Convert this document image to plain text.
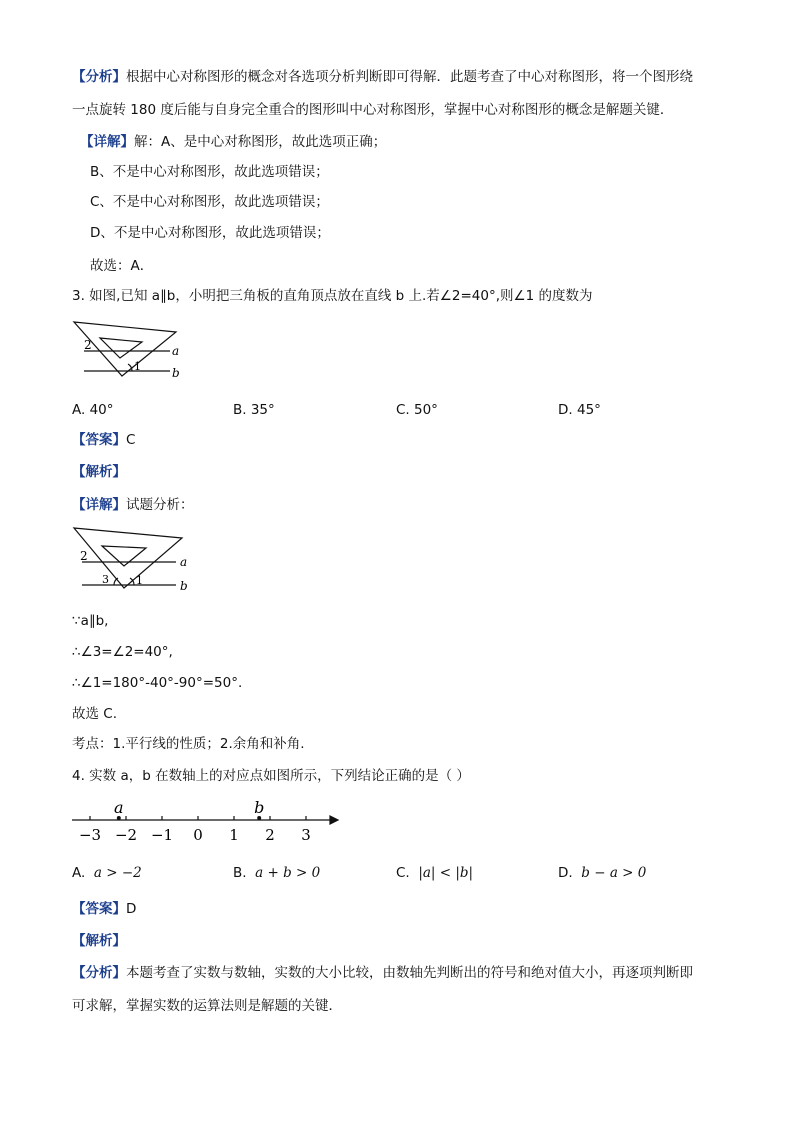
【分析】根据中心对称图形的概念对各选项分析判断即可得解．此题考查了中心对称图形，将一个图形绕
一点旋转 180 度后能与自身完全重合的图形叫中心对称图形，掌握中心对称图形的概念是解题关键．
【详解】解：A、是中心对称图形，故此选项正确；
B、不是中心对称图形，故此选项错误；
C、不是中心对称图形，故此选项错误；
D、不是中心对称图形，故此选项错误；
故选：A．
3. 如图,已知 a∥b，小明把三角板的直角顶点放在直线 b 上.若∠2=40°,则∠1 的度数为
2
1
a
b
A. 40°	B. 35°	C. 50°	D. 45°
【答案】C
【解析】
【详解】试题分析：
2
3 1
a
b
∵a∥b,
∴∠3=∠2=40°,
∴∠1=180°-40°-90°=50°.
故选 C.
考点：1.平行线的性质；2.余角和补角.
4. 实数 a，b 在数轴上的对应点如图所示，下列结论正确的是（ ）
−3 −2 −1 0 1 2 3
a	b
A. a > −2	B. a + b > 0	C. |a| < |b|	D. b − a > 0
【答案】D
【解析】
【分析】本题考查了实数与数轴，实数的大小比较，由数轴先判断出的符号和绝对值大小，再逐项判断即
可求解，掌握实数的运算法则是解题的关键．
